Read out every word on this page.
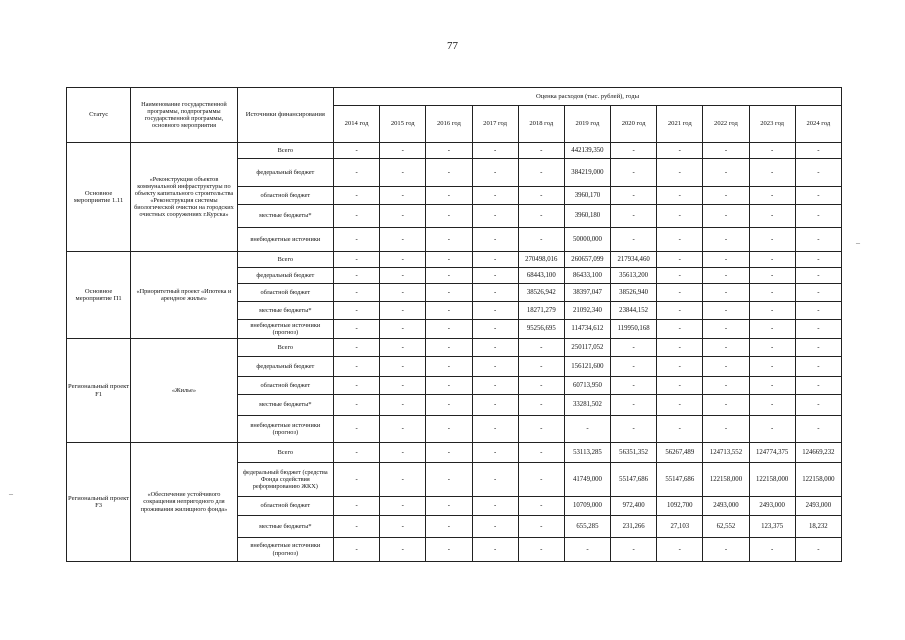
77
Статус	Наименование государственной программы, подпрограммы государственной программы, основного мероприятия	Источники финансирования	Оценка расходов (тыс. рублей), годы										
			2014 год	2015 год	2016 год	2017 год	2018 год	2019 год	2020 год	2021 год	2022 год	2023 год	2024 год
Основное мероприятие 1.11	«Реконструкция объектов коммунальной инфраструктуры по объекту капитального строительства «Реконструкция системы биологической очистки на городских очистных сооружениях г.Курска»	Всего	-	-	-	-	-	442139,350	-	-	-	-	-
		федеральный бюджет	-	-	-	-	-	384219,000	-	-	-	-	-
		областной бюджет	-	-	-	-	-	3960,170	-	-	-	-	-
		местные бюджеты*	-	-	-	-	-	3960,180	-	-	-	-	-
		внебюджетные источники	-	-	-	-	-	50000,000	-	-	-	-	-
Основное мероприятие П1	«Приоритетный проект «Ипотека и арендное жилье»	Всего	-	-	-	-	270498,016	260657,099	217934,460	-	-	-	-
		федеральный бюджет	-	-	-	-	68443,100	86433,100	35613,200	-	-	-	-
		областной бюджет	-	-	-	-	38526,942	38397,047	38526,940	-	-	-	-
		местные бюджеты*	-	-	-	-	18271,279	21092,340	23844,152	-	-	-	-
		внебюджетные источники (прогноз)	-	-	-	-	95256,695	114734,612	119950,168	-	-	-	-
Региональный проект F1	«Жилье»	Всего	-	-	-	-	-	250117,052	-	-	-	-	-
		федеральный бюджет	-	-	-	-	-	156121,600	-	-	-	-	-
		областной бюджет	-	-	-	-	-	60713,950	-	-	-	-	-
		местные бюджеты*	-	-	-	-	-	33281,502	-	-	-	-	-
		внебюджетные источники (прогноз)	-	-	-	-	-	-	-	-	-	-	-
Региональный проект F3	«Обеспечение устойчивого сокращения непригодного для проживания жилищного фонда»	Всего	-	-	-	-	-	53113,285	56351,352	56267,489	124713,552	124774,375	124669,232
		федеральный бюджет (средства Фонда содействия реформированию ЖКХ)	-	-	-	-	-	41749,000	55147,686	55147,686	122158,000	122158,000	122158,000
		областной бюджет	-	-	-	-	-	10709,000	972,400	1092,700	2493,000	2493,000	2493,000
		местные бюджеты*	-	-	-	-	-	655,285	231,266	27,103	62,552	123,375	18,232
		внебюджетные источники (прогноз)	-	-	-	-	-	-	-	-	-	-	-
–
–
